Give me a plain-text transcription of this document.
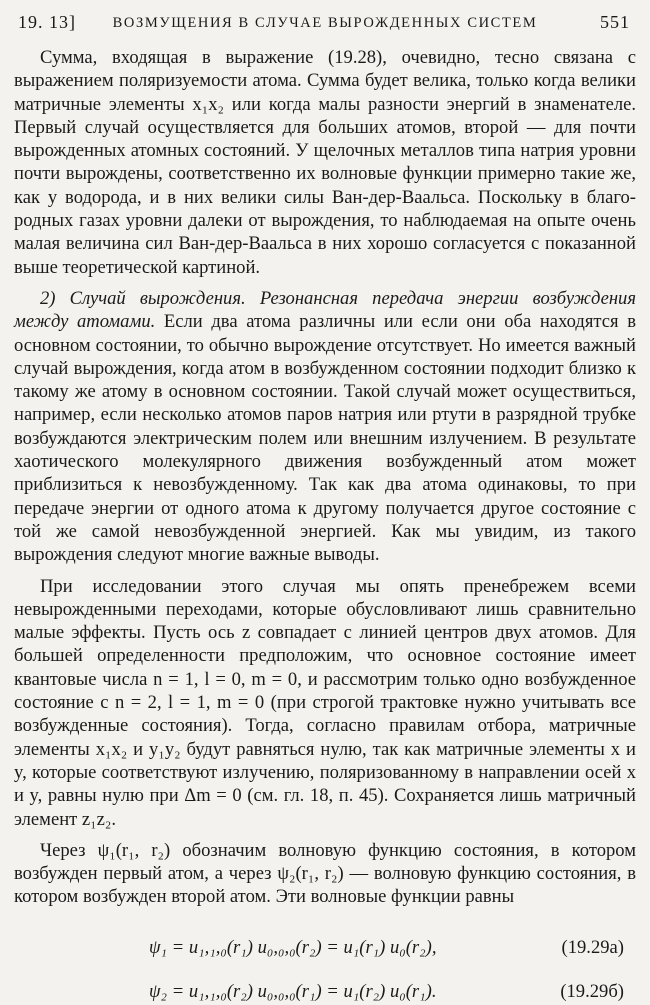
19. 13]	ВОЗМУЩЕНИЯ В СЛУЧАЕ ВЫРОЖДЕННЫХ СИСТЕМ	551

Сумма, входящая в выражение (19.28), очевидно, тесно связана с выражением поляризуемости атома. Сумма будет велика, только когда велики матричные элементы x₁x₂ или когда малы разности энергий в знаменателе. Первый случай осуществляется для больших атомов, второй — для почти вырожденных атомных состояний. У щелочных металлов типа натрия уровни почти вырождены, соответственно их волновые функции примерно такие же, как у водорода, и в них велики силы Ван-дер-Ваальса. Поскольку в благородных газах уровни далеки от вырождения, то наблюдаемая на опыте очень малая величина сил Ван-дер-Ваальса в них хорошо согласуется с показанной выше теоретической картиной.

2) Случай вырождения. Резонансная передача энергии возбуждения между атомами. Если два атома различны или если они оба находятся в основном состоянии, то обычно вырождение отсутствует. Но имеется важный случай вырождения, когда атом в возбужденном состоянии подходит близко к такому же атому в основном состоянии. Такой случай может осуществиться, например, если несколько атомов паров натрия или ртути в разрядной трубке возбуждаются электрическим полем или внешним излучением. В результате хаотического молекулярного движения возбужденный атом может приблизиться к невозбужденному. Так как два атома одинаковы, то при передаче энергии от одного атома к другому получается другое состояние с той же самой невозбужденной энергией. Как мы увидим, из такого вырождения следуют многие важные выводы.

При исследовании этого случая мы опять пренебрежем всеми невырожденными переходами, которые обусловливают лишь сравнительно малые эффекты. Пусть ось z совпадает с линией центров двух атомов. Для большей определенности предположим, что основное состояние имеет квантовые числа n = 1, l = 0, m = 0, и рассмотрим только одно возбужденное состояние с n = 2, l = 1, m = 0 (при строгой трактовке нужно учитывать все возбужденные состояния). Тогда, согласно правилам отбора, матричные элементы x₁x₂ и y₁y₂ будут равняться нулю, так как матричные элементы x и y, которые соответствуют излучению, поляризованному в направлении осей x и y, равны нулю при Δm = 0 (см. гл. 18, п. 45). Сохраняется лишь матричный элемент z₁z₂.

Через ψ₁(r₁, r₂) обозначим волновую функцию состояния, в котором возбужден первый атом, а через ψ₂(r₁, r₂) — волновую функцию состояния, в котором возбужден второй атом. Эти волновые функции равны

ψ₁ = u₁,₁,₀(r₁) u₀,₀,₀(r₂) = u₁(r₁) u₀(r₂),	(19.29а)
ψ₂ = u₁,₁,₀(r₂) u₀,₀,₀(r₁) = u₁(r₂) u₀(r₁).	(19.29б)
